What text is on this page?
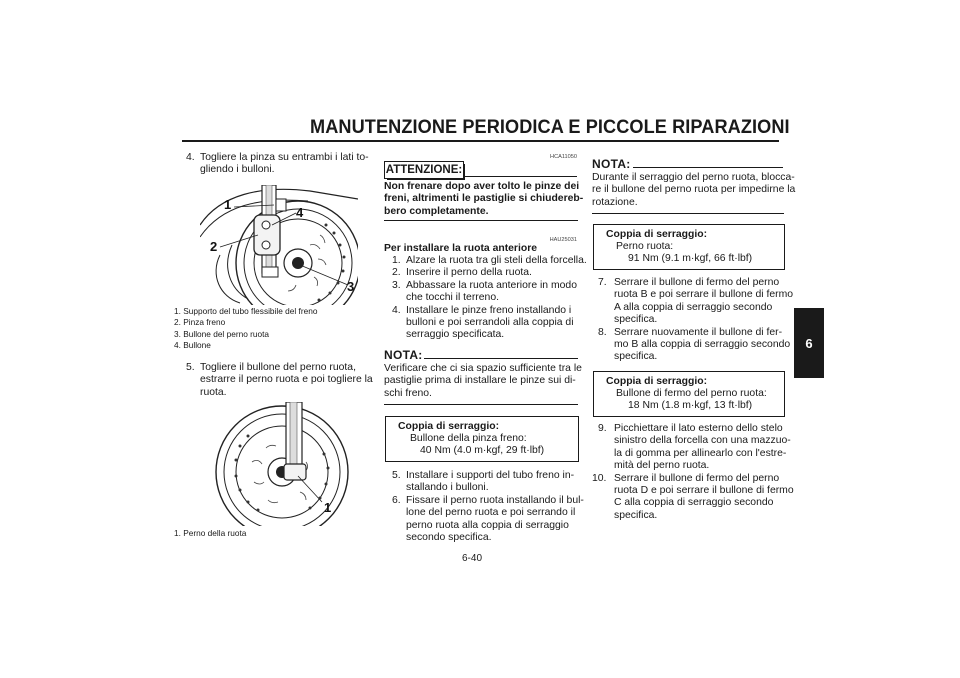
MANUTENZIONE PERIODICA E PICCOLE RIPARAZIONI
6
4. Togliere la pinza su entrambi i lati to-
gliendo i bulloni.
1
2
3
4
1. Supporto del tubo flessibile del freno
2. Pinza freno
3. Bullone del perno ruota
4. Bullone
5. Togliere il bullone del perno ruota,
estrarre il perno ruota e poi togliere la
ruota.
1
1. Perno della ruota
HCA11050
ATTENZIONE:
Non frenare dopo aver tolto le pinze dei
freni, altrimenti le pastiglie si chiudereb-
bero completamente.
HAU25031
Per installare la ruota anteriore
1. Alzare la ruota tra gli steli della forcella.
2. Inserire il perno della ruota.
3. Abbassare la ruota anteriore in modo
che tocchi il terreno.
4. Installare le pinze freno installando i
bulloni e poi serrandoli alla coppia di
serraggio specificata.
NOTA:
Verificare che ci sia spazio sufficiente tra le
pastiglie prima di installare le pinze sui di-
schi freno.
Coppia di serraggio:
Bullone della pinza freno:
40 Nm (4.0 m·kgf, 29 ft·lbf)
5. Installare i supporti del tubo freno in-
stallando i bulloni.
6. Fissare il perno ruota installando il bul-
lone del perno ruota e poi serrando il
perno ruota alla coppia di serraggio
secondo specifica.
NOTA:
Durante il serraggio del perno ruota, blocca-
re il bullone del perno ruota per impedirne la
rotazione.
Coppia di serraggio:
Perno ruota:
91 Nm (9.1 m·kgf, 66 ft·lbf)
7. Serrare il bullone di fermo del perno
ruota B e poi serrare il bullone di fermo
A alla coppia di serraggio secondo
specifica.
8. Serrare nuovamente il bullone di fer-
mo B alla coppia di serraggio secondo
specifica.
Coppia di serraggio:
Bullone di fermo del perno ruota:
18 Nm (1.8 m·kgf, 13 ft·lbf)
9. Picchiettare il lato esterno dello stelo
sinistro della forcella con una mazzuo-
la di gomma per allinearlo con l'estre-
mità del perno ruota.
10. Serrare il bullone di fermo del perno
ruota D e poi serrare il bullone di fermo
C alla coppia di serraggio secondo
specifica.
6-40
